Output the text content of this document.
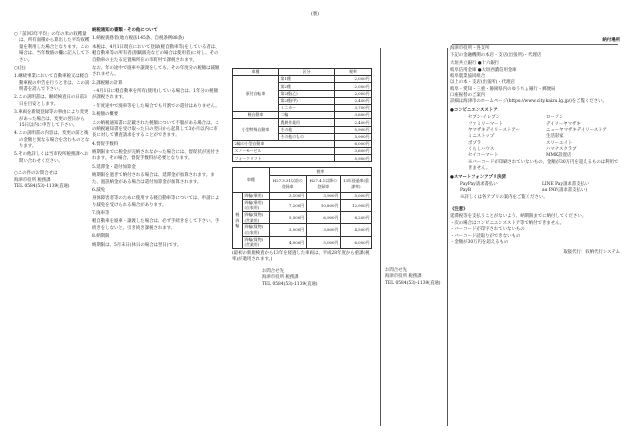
(裏)
○「前回3年平均」の年の米の収穫量は、所有面積から算出した平均収穫量を利用した場合となります。この場合は、当年数値の欄に記入して下さい。
○(注)
1.継続事業において自動車税又は軽自動車税の申告を行うときは、この説明書を読んで下さい。
2.この説明書は、継続検査日の日前3日を目安とします。
3.車両を新規登録等の事由により変更があった場合は、変更の翌日から15日以内に申告して下さい。
4.この説明書の内容は、変更の前と後の金額と異なる場合を含むものとなります。
5.その他詳しくは当市役所税務課へお問い合わせください。
○この件のお問合せは
海津市役所 税務課
TEL 0584(53)-1139(直通)
納税通知の書類・その他について
1.納税義務者(地方税法145条、自税条例88条)
本税は、4月1日現在において登録(軽自動車等)をしている者は、軽自動車等の所有者(割賦販売などの場合は使用者)に対し、その自動車の主たる定置場所在の市町村で課税されます。
なお、年の途中で廃車や譲渡をしても、その年度分の税額は減額されません。
2.課税額の計算
・4月1日に軽自動車を所有(使用)している場合は、1年分の税額が課税されます。
・年度途中で廃車等をした場合でも月割での還付はありません。
3.税額の概要
この納税通知書に記載された税額について不服がある場合は、この納税通知書を受け取った日の翌日から起算して3か月以内に市長に対して審査請求をすることができます。
4.督促手数料
納期限までに税金が完納されなかった場合には、督促状が送付されます。その場合、督促手数料が必要となります。
5.延滞金・還付加算金
納期限を過ぎて納付される場合は、延滞金が加算されます。また、過誤納金がある場合は還付加算金が加算されます。
6.減免
身体障害者等のために使用する軽自動車等については、申請により減免を受けられる場合があります。
7.廃車等
軽自動車を廃車・譲渡した場合は、必ず手続きをして下さい。手続きをしないと、引き続き課税されます。
8.納期限
納期限は、5月末日(休日の場合は翌日)です。
車種	区分	税率
原付自転車	第1種	2,000円
	第2種	2,000円
	第2種(乙)	2,000円
	第2種(甲)	2,400円
	ミニカー	3,700円
軽自動車	二輪	3,600円
小型特殊自動車	農耕作業用	2,400円
	その他	5,900円
	その他のもの	5,900円
2輪の小型自動車		6,000円
スノーモービル		3,600円
フォークリフト		5,900円
車種		税率		
		H27.3.31以前の登録車	H27.4.1以降の登録車	13年経過車(重課率)
軽四輪	四輪(乗用)	3,100円	3,900円	5,000円
	四輪(乗用)(自家用)	7,200円	10,800円	12,900円
	四輪(貨物)(営業用)	5,500円	6,900円	8,200円
	四輪(貨物)(自家用)	3,000円	3,800円	4,500円
	四輪(貨物)(営業用)	4,000円	5,000円	6,000円
(最初の新規検査から13年を経過した車両は、平成28年度から重課(税率)が適用されます。)
お問合せ先
海津市役所 税務課
TEL 0584(53)-1139(直通)
お問合せ先
海津市役所 税務課
TEL 0584(53)-1139(直通)
納付場所
海津市役所・各支所
下記の金融機関の本店・支店(出張所)・代理店
大垣共立銀行 ●十六銀行
岐阜信用金庫 ●大垣西濃信用金庫
岐阜農業協同組合
以上の本・支店(出張所)・代理店
岐阜・愛知・三重・静岡県内のゆうちょ銀行・郵便局
口座振替のご案内
詳細は海津市のホームページ(https://www.city.kaizu.lg.jp/)をご覧ください。
●コンビニエンスストア
セブン-イレブン	ローソン
ファミリーマート	デイリーヤマザキ
ヤマザキデイリーストアー	ニューヤマザキデイリーストア
ミニストップ	生活彩家
ポプラ	スリーエイト
くらしハウス	ハマナスクラブ
セイコーマート	MMK設置店
※バーコードが印刷されていないもの、金額が30万円を超えるものは利用できません。
●スマートフォンアプリ決済
PayPay請求書払い	LINE Pay請求書支払い
PayB	au PAY(請求書支払い)
※詳しくは各アプリの案内をご覧ください。
《注意》
延滞税等を支払うことがないよう、納期限までに納付してください。
・次の場合はコンビニエンスストア等で納付できません。
・バーコードが印字されていないもの
・バーコード読取りができないもの
・金額が30万円を超えるもの
取扱代行：収納代行システム
